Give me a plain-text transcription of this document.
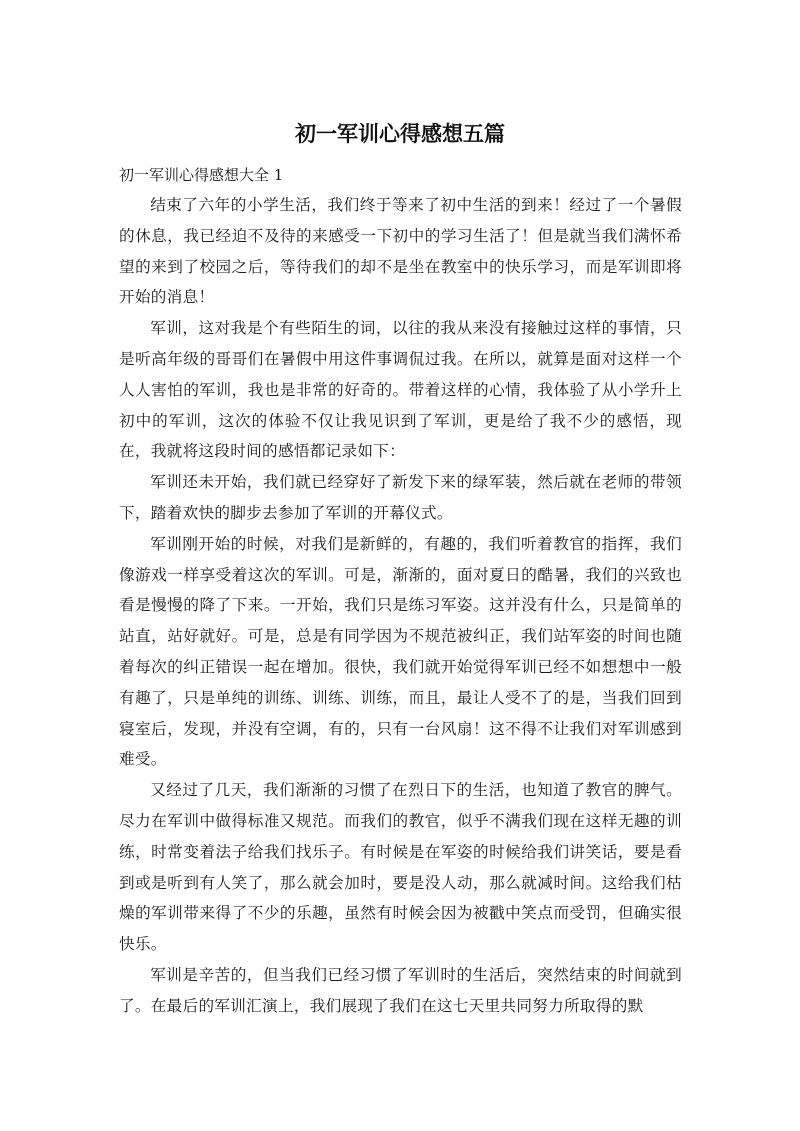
初一军训心得感想五篇

初一军训心得感想大全 1

结束了六年的小学生活，我们终于等来了初中生活的到来！经过了一个暑假的休息，我已经迫不及待的来感受一下初中的学习生活了！但是就当我们满怀希望的来到了校园之后，等待我们的却不是坐在教室中的快乐学习，而是军训即将开始的消息！

军训，这对我是个有些陌生的词，以往的我从来没有接触过这样的事情，只是听高年级的哥哥们在暑假中用这件事调侃过我。在所以，就算是面对这样一个人人害怕的军训，我也是非常的好奇的。带着这样的心情，我体验了从小学升上初中的军训，这次的体验不仅让我见识到了军训，更是给了我不少的感悟，现在，我就将这段时间的感悟都记录如下：

军训还未开始，我们就已经穿好了新发下来的绿军装，然后就在老师的带领下，踏着欢快的脚步去参加了军训的开幕仪式。

军训刚开始的时候，对我们是新鲜的，有趣的，我们听着教官的指挥，我们像游戏一样享受着这次的军训。可是，渐渐的，面对夏日的酷暑，我们的兴致也看是慢慢的降了下来。一开始，我们只是练习军姿。这并没有什么，只是简单的站直，站好就好。可是，总是有同学因为不规范被纠正，我们站军姿的时间也随着每次的纠正错误一起在增加。很快，我们就开始觉得军训已经不如想想中一般有趣了，只是单纯的训练、训练、训练，而且，最让人受不了的是，当我们回到寝室后，发现，并没有空调，有的，只有一台风扇！这不得不让我们对军训感到难受。

又经过了几天，我们渐渐的习惯了在烈日下的生活，也知道了教官的脾气。尽力在军训中做得标准又规范。而我们的教官，似乎不满我们现在这样无趣的训练，时常变着法子给我们找乐子。有时候是在军姿的时候给我们讲笑话，要是看到或是听到有人笑了，那么就会加时，要是没人动，那么就减时间。这给我们枯燥的军训带来得了不少的乐趣，虽然有时候会因为被戳中笑点而受罚，但确实很快乐。

军训是辛苦的，但当我们已经习惯了军训时的生活后，突然结束的时间就到了。在最后的军训汇演上，我们展现了我们在这七天里共同努力所取得的默
